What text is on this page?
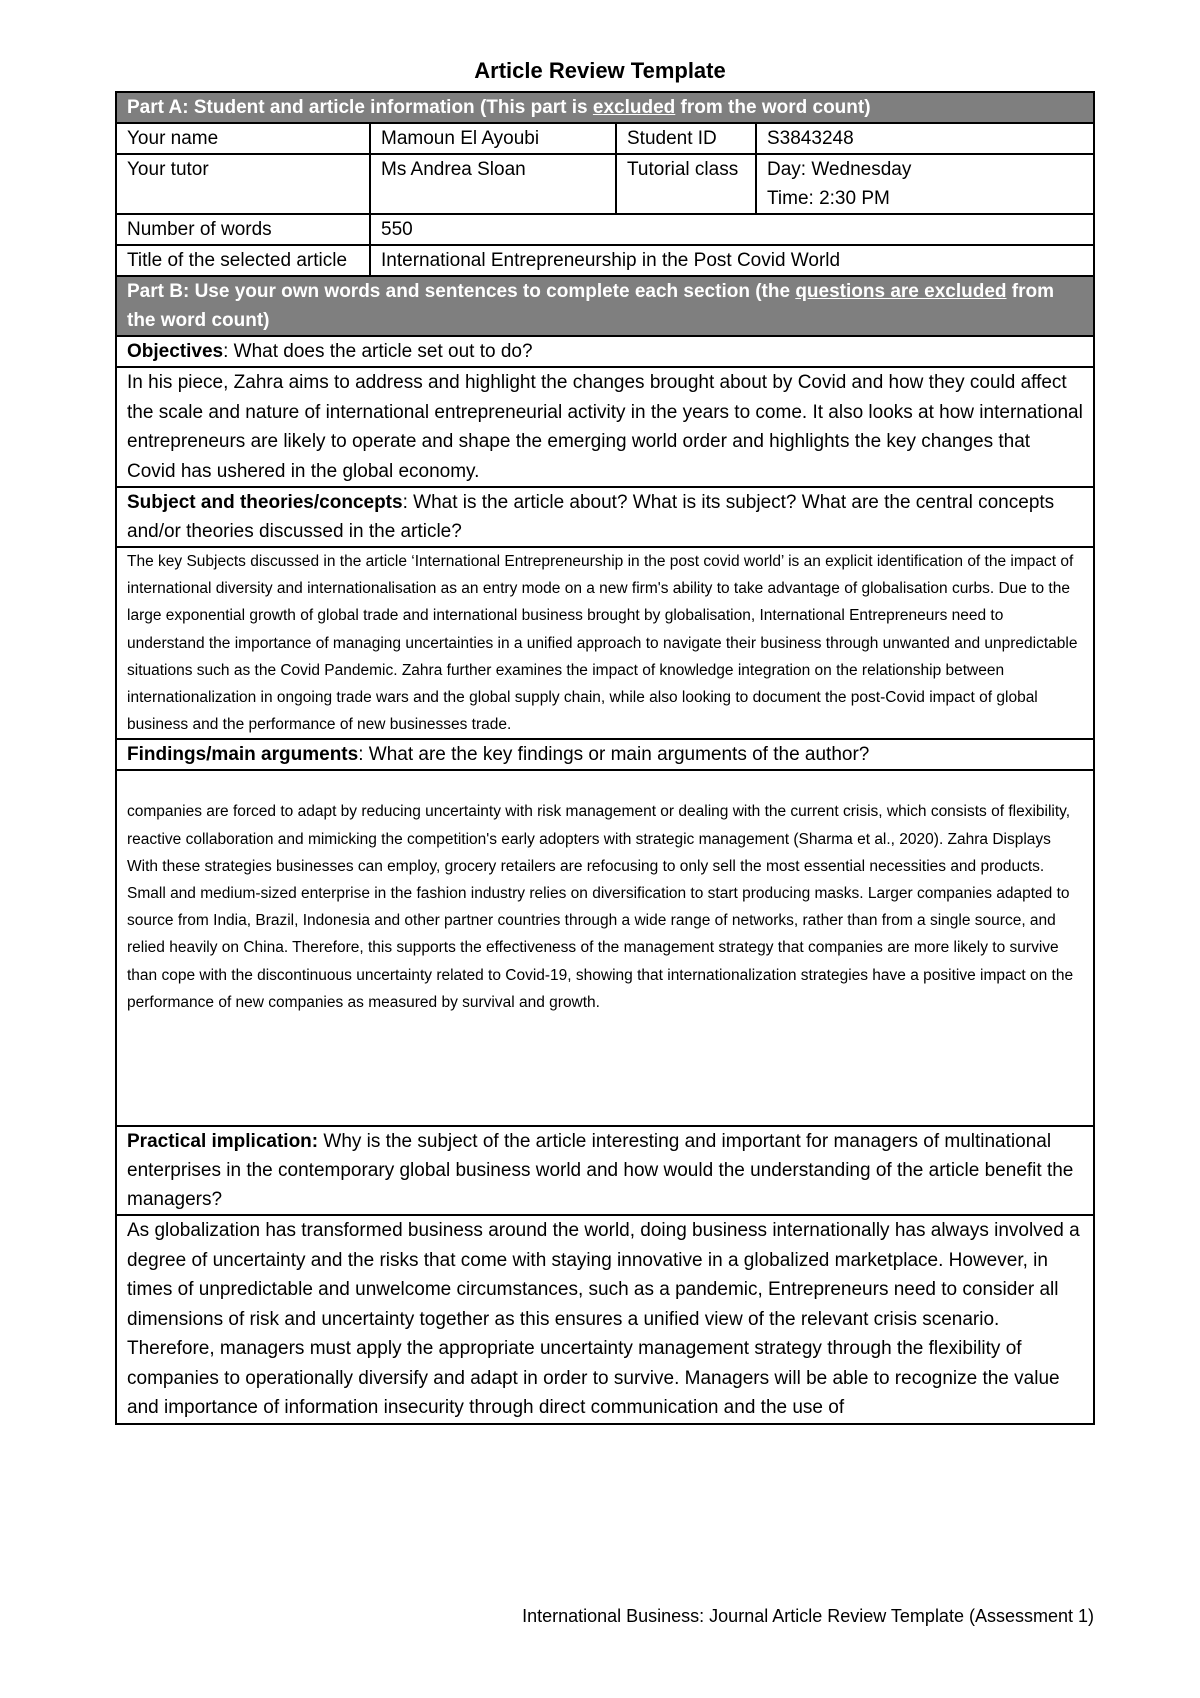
Article Review Template
Part A: Student and article information (This part is excluded from the word count)			
Your name	Mamoun El Ayoubi	Student ID	S3843248
Your tutor	Ms Andrea Sloan	Tutorial class	Day: Wednesday
Time: 2:30 PM

Number of words	550		
Title of the selected article	International Entrepreneurship in the Post Covid World		
Part B: Use your own words and sentences to complete each section (the questions are excluded from the word count)			
Objectives: What does the article set out to do?			
In his piece, Zahra aims to address and highlight the changes brought about by Covid and how they could affect the scale and nature of international entrepreneurial activity in the years to come. It also looks at how international entrepreneurs are likely to operate and shape the emerging world order and highlights the key changes that Covid has ushered in the global economy.			
Subject and theories/concepts: What is the article about? What is its subject? What are the central concepts and/or theories discussed in the article?			
The key Subjects discussed in the article ‘International Entrepreneurship in the post covid world’ is an explicit identification of the impact of international diversity and internationalisation as an entry mode on a new firm's ability to take advantage of globalisation curbs. Due to the large exponential growth of global trade and international business brought by globalisation, International Entrepreneurs need to understand the importance of managing uncertainties in a unified approach to navigate their business through unwanted and unpredictable situations such as the Covid Pandemic. Zahra further examines the impact of knowledge integration on the relationship between internationalization in ongoing trade wars and the global supply chain, while also looking to document the post-Covid impact of global business and the performance of new businesses trade.			
Findings/main arguments: What are the key findings or main arguments of the author?			
companies are forced to adapt by reducing uncertainty with risk management or dealing with the current crisis, which consists of flexibility, reactive collaboration and mimicking the competition's early adopters with strategic management (Sharma et al., 2020). Zahra Displays With these strategies businesses can employ, grocery retailers are refocusing to only sell the most essential necessities and products. Small and medium-sized enterprise in the fashion industry relies on diversification to start producing masks. Larger companies adapted to source from India, Brazil, Indonesia and other partner countries through a wide range of networks, rather than from a single source, and relied heavily on China. Therefore, this supports the effectiveness of the management strategy that companies are more likely to survive than cope with the discontinuous uncertainty related to Covid-19, showing that internationalization strategies have a positive impact on the performance of new companies as measured by survival and growth.			
Practical implication: Why is the subject of the article interesting and important for managers of multinational enterprises in the contemporary global business world and how would the understanding of the article benefit the managers?			
As globalization has transformed business around the world, doing business internationally has always involved a degree of uncertainty and the risks that come with staying innovative in a globalized marketplace. However, in times of unpredictable and unwelcome circumstances, such as a pandemic, Entrepreneurs need to consider all dimensions of risk and uncertainty together as this ensures a unified view of the relevant crisis scenario. Therefore, managers must apply the appropriate uncertainty management strategy through the flexibility of companies to operationally diversify and adapt in order to survive. Managers will be able to recognize the value and importance of information insecurity through direct communication and the use of			
International Business: Journal Article Review Template (Assessment 1)
